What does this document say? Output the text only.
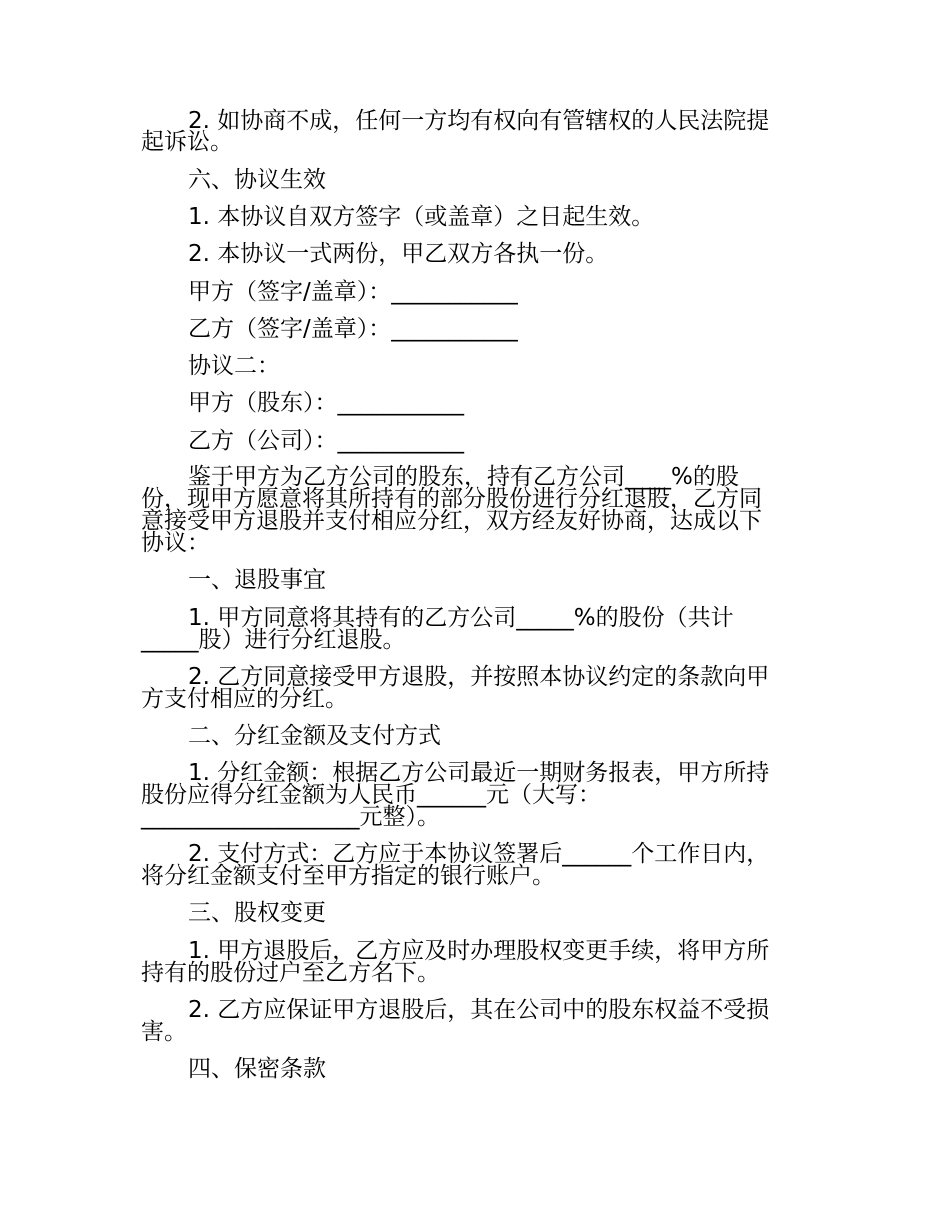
2. 如协商不成，任何一方均有权向有管辖权的人民法院提
起诉讼。
六、协议生效
1. 本协议自双方签字（或盖章）之日起生效。
2. 本协议一式两份，甲乙双方各执一份。
甲方（签字/盖章）：___________
乙方（签字/盖章）：___________
协议二：
甲方（股东）：___________
乙方（公司）：___________
鉴于甲方为乙方公司的股东，持有乙方公司____%的股
份，现甲方愿意将其所持有的部分股份进行分红退股，乙方同
意接受甲方退股并支付相应分红，双方经友好协商，达成以下
协议：
一、退股事宜
1. 甲方同意将其持有的乙方公司_____%的股份（共计
_____股）进行分红退股。
2. 乙方同意接受甲方退股，并按照本协议约定的条款向甲
方支付相应的分红。
二、分红金额及支付方式
1. 分红金额：根据乙方公司最近一期财务报表，甲方所持
股份应得分红金额为人民币______元（大写：
___________________元整）。
2. 支付方式：乙方应于本协议签署后______个工作日内，
将分红金额支付至甲方指定的银行账户。
三、股权变更
1. 甲方退股后，乙方应及时办理股权变更手续，将甲方所
持有的股份过户至乙方名下。
2. 乙方应保证甲方退股后，其在公司中的股东权益不受损
害。
四、保密条款
